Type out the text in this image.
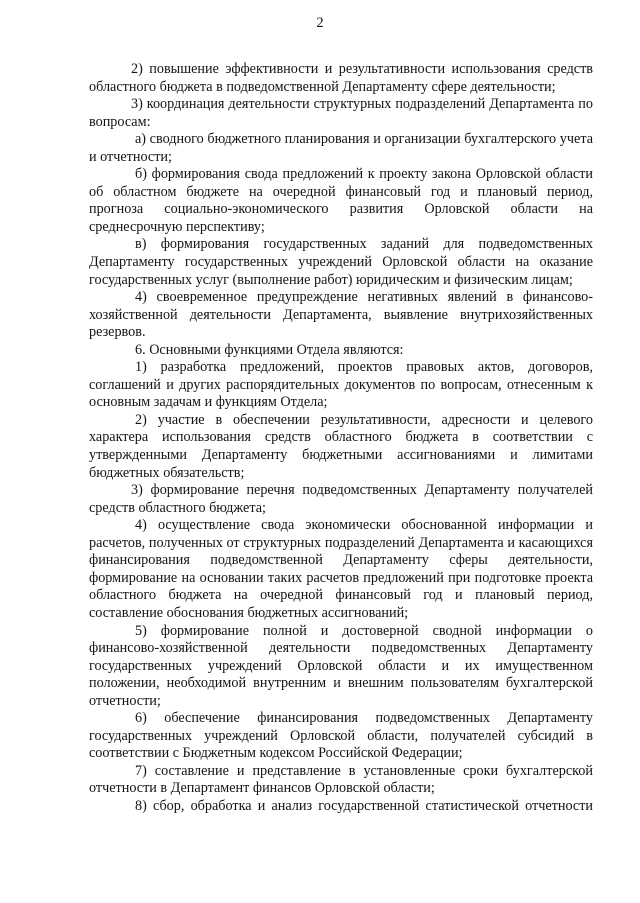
2

2) повышение эффективности и результативности использования средств областного бюджета в подведомственной Департаменту сфере деятельности;

3) координация деятельности структурных подразделений Департамента по вопросам:

а) сводного бюджетного планирования и организации бухгалтерского учета и отчетности;

б) формирования свода предложений к проекту закона Орловской области об областном бюджете на очередной финансовый год и плановый период, прогноза социально-экономического развития Орловской области на среднесрочную перспективу;

в) формирования государственных заданий для подведомственных Департаменту государственных учреждений Орловской области на оказание государственных услуг (выполнение работ) юридическим и физическим лицам;

4) своевременное предупреждение негативных явлений в финансово-хозяйственной деятельности Департамента, выявление внутрихозяйственных резервов.

6. Основными функциями Отдела являются:

1) разработка предложений, проектов правовых актов, договоров, соглашений и других распорядительных документов по вопросам, отнесенным к основным задачам и функциям Отдела;

2) участие в обеспечении результативности, адресности и целевого характера использования средств областного бюджета в соответствии с утвержденными Департаменту бюджетными ассигнованиями и лимитами бюджетных обязательств;

3) формирование перечня подведомственных Департаменту получателей средств областного бюджета;

4) осуществление свода экономически обоснованной информации и расчетов, полученных от структурных подразделений Департамента и касающихся финансирования подведомственной Департаменту сферы деятельности, формирование на основании таких расчетов предложений при подготовке проекта областного бюджета на очередной финансовый год и плановый период, составление обоснования бюджетных ассигнований;

5) формирование полной и достоверной сводной информации о финансово-хозяйственной деятельности подведомственных Департаменту государственных учреждений Орловской области и их имущественном положении, необходимой внутренним и внешним пользователям бухгалтерской отчетности;

6) обеспечение финансирования подведомственных Департаменту государственных учреждений Орловской области, получателей субсидий в соответствии с Бюджетным кодексом Российской Федерации;

7) составление и представление в установленные сроки бухгалтерской отчетности в Департамент финансов Орловской области;

8) сбор, обработка и анализ государственной статистической отчетности
